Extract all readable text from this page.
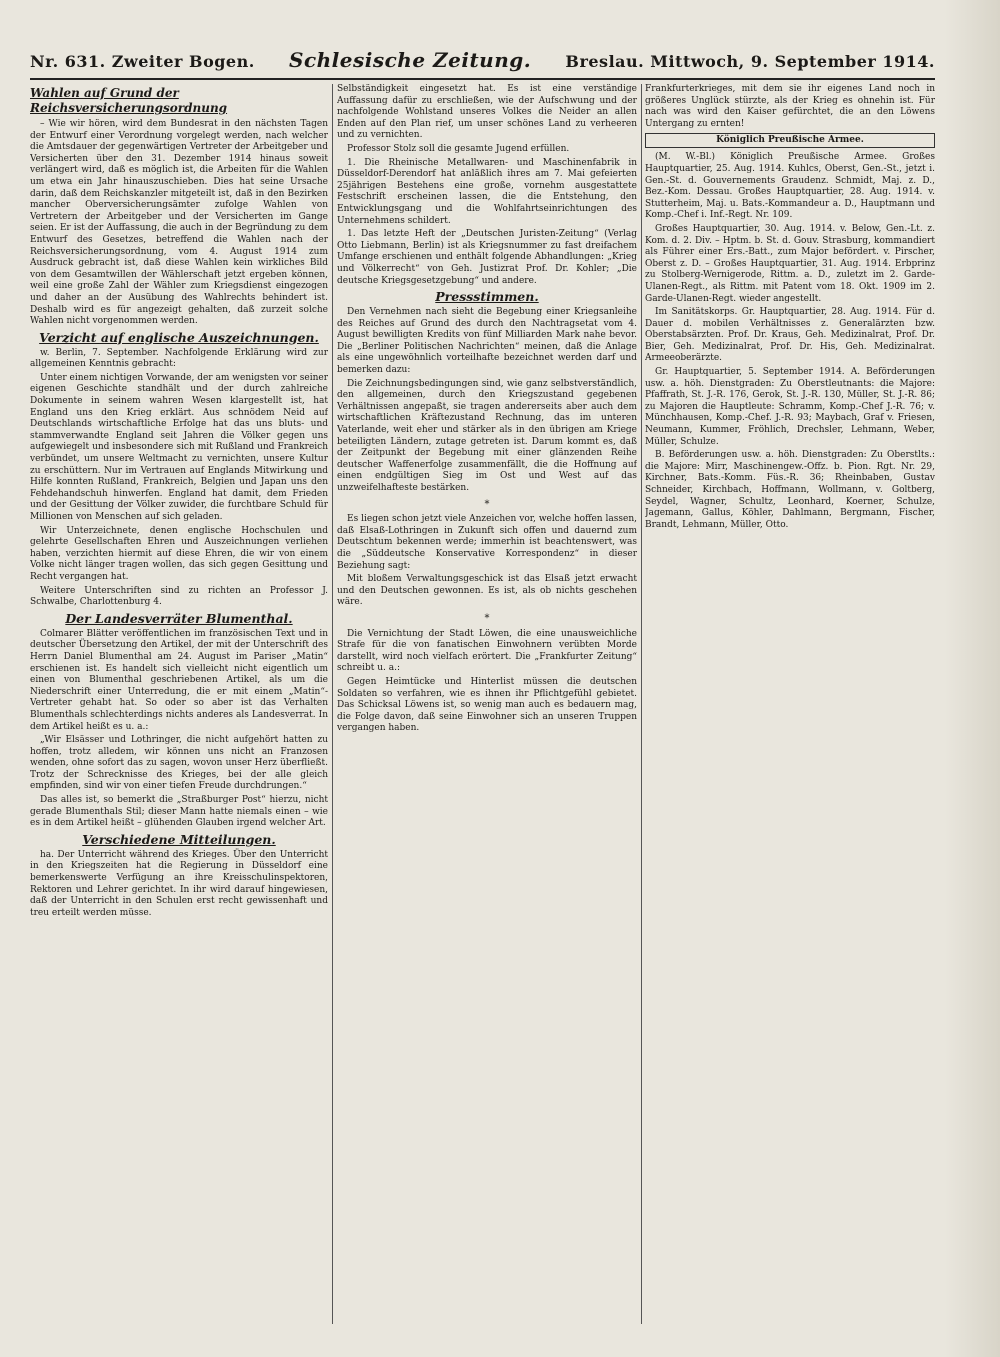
Nr. 631. Zweiter Bogen. Schlesische Zeitung. Breslau. Mittwoch, 9. September 1914.
Wahlen auf Grund der Reichsversicherungsordnung

– Wie wir hören, wird dem Bundesrat in den nächsten Tagen der Entwurf einer Verordnung vorgelegt werden, nach welcher die Amtsdauer der gegenwärtigen Vertreter der Arbeitgeber und Versicherten über den 31. Dezember 1914 hinaus soweit verlängert wird, daß es möglich ist, die Arbeiten für die Wahlen um etwa ein Jahr hinauszuschieben. Dies hat seine Ursache darin, daß dem Reichskanzler mitgeteilt ist, daß in den Bezirken mancher Oberversicherungsämter zufolge Wahlen von Vertretern der Arbeitgeber und der Versicherten im Gange seien. Er ist der Auffassung, die auch in der Begründung zu dem Entwurf des Gesetzes, betreffend die Wahlen nach der Reichsversicherungsordnung, vom 4. August 1914 zum Ausdruck gebracht ist, daß diese Wahlen kein wirkliches Bild von dem Gesamtwillen der Wählerschaft jetzt ergeben können, weil eine große Zahl der Wähler zum Kriegsdienst eingezogen und daher an der Ausübung des Wahlrechts behindert ist. Deshalb wird es für angezeigt gehalten, daß zurzeit solche Wahlen nicht vorgenommen werden.

Verzicht auf englische Auszeichnungen.

w. Berlin, 7. September. Nachfolgende Erklärung wird zur allgemeinen Kenntnis gebracht:

Unter einem nichtigen Vorwande, der am wenigsten vor seiner eigenen Geschichte standhält und der durch zahlreiche Dokumente in seinem wahren Wesen klargestellt ist, hat England uns den Krieg erklärt. Aus schnödem Neid auf Deutschlands wirtschaftliche Erfolge hat das uns bluts- und stammverwandte England seit Jahren die Völker gegen uns aufgewiegelt und insbesondere sich mit Rußland und Frankreich verbündet, um unsere Weltmacht zu vernichten, unsere Kultur zu erschüttern. Nur im Vertrauen auf Englands Mitwirkung und Hilfe konnten Rußland, Frankreich, Belgien und Japan uns den Fehdehandschuh hinwerfen. England hat damit, dem Frieden und der Gesittung der Völker zuwider, die furchtbare Schuld für Millionen von Menschen auf sich geladen.

Wir Unterzeichnete, denen englische Hochschulen und gelehrte Gesellschaften Ehren und Auszeichnungen verliehen haben, verzichten hiermit auf diese Ehren, die wir von einem Volke nicht länger tragen wollen, das sich gegen Gesittung und Recht vergangen hat.

Weitere Unterschriften sind zu richten an Professor J. Schwalbe, Charlottenburg 4.

Der Landesverräter Blumenthal.

Colmarer Blätter veröffentlichen im französischen Text und in deutscher Übersetzung den Artikel, der mit der Unterschrift des Herrn Daniel Blumenthal am 24. August im Pariser „Matin“ erschienen ist. Es handelt sich vielleicht nicht eigentlich um einen von Blumenthal geschriebenen Artikel, als um die Niederschrift einer Unterredung, die er mit einem „Matin“-Vertreter gehabt hat. So oder so aber ist das Verhalten Blumenthals schlechterdings nichts anderes als Landesverrat. In dem Artikel heißt es u. a.:

„Wir Elsässer und Lothringer, die nicht aufgehört hatten zu hoffen, trotz alledem, wir können uns nicht an Franzosen wenden, ohne sofort das zu sagen, wovon unser Herz überfließt. Trotz der Schrecknisse des Krieges, bei der alle gleich empfinden, sind wir von einer tiefen Freude durchdrungen.“

Das alles ist, so bemerkt die „Straßburger Post“ hierzu, nicht gerade Blumenthals Stil; dieser Mann hatte niemals einen – wie es in dem Artikel heißt – glühenden Glauben irgend welcher Art.

Verschiedene Mitteilungen.

ha. Der Unterricht während des Krieges. Über den Unterricht in den Kriegszeiten hat die Regierung in Düsseldorf eine bemerkenswerte Verfügung an ihre Kreisschulinspektoren, Rektoren und Lehrer gerichtet. In ihr wird darauf hingewiesen, daß der Unterricht in den Schulen erst recht gewissenhaft und treu erteilt werden müsse.

Selbständigkeit eingesetzt hat. Es ist eine verständige Auffassung dafür zu erschließen, wie der Aufschwung und der nachfolgende Wohlstand unseres Volkes die Neider an allen Enden auf den Plan rief, um unser schönes Land zu verheeren und zu vernichten.

Professor Stolz soll die gesamte Jugend erfüllen.

1. Die Rheinische Metallwaren- und Maschinenfabrik in Düsseldorf-Derendorf hat anläßlich ihres am 7. Mai gefeierten 25jährigen Bestehens eine große, vornehm ausgestattete Festschrift erscheinen lassen, die die Entstehung, den Entwicklungsgang und die Wohlfahrtseinrichtungen des Unternehmens schildert.

1. Das letzte Heft der „Deutschen Juristen-Zeitung“ (Verlag Otto Liebmann, Berlin) ist als Kriegsnummer zu fast dreifachem Umfange erschienen und enthält folgende Abhandlungen: „Krieg und Völkerrecht“ von Geh. Justizrat Prof. Dr. Kohler; „Die deutsche Kriegsgesetzgebung“ und andere.

Pressstimmen.

Den Vernehmen nach sieht die Begebung einer Kriegsanleihe des Reiches auf Grund des durch den Nachtragsetat vom 4. August bewilligten Kredits von fünf Milliarden Mark nahe bevor. Die „Berliner Politischen Nachrichten“ meinen, daß die Anlage als eine ungewöhnlich vorteilhafte bezeichnet werden darf und bemerken dazu:

Die Zeichnungsbedingungen sind, wie ganz selbstverständlich, den allgemeinen, durch den Kriegszustand gegebenen Verhältnissen angepaßt, sie tragen andererseits aber auch dem wirtschaftlichen Kräftezustand Rechnung, das im unteren Vaterlande, weit eher und stärker als in den übrigen am Kriege beteiligten Ländern, zutage getreten ist. Darum kommt es, daß der Zeitpunkt der Begebung mit einer glänzenden Reihe deutscher Waffenerfolge zusammenfällt, die die Hoffnung auf einen endgültigen Sieg im Ost und West auf das unzweifelhafteste bestärken.

*

Es liegen schon jetzt viele Anzeichen vor, welche hoffen lassen, daß Elsaß-Lothringen in Zukunft sich offen und dauernd zum Deutschtum bekennen werde; immerhin ist beachtenswert, was die „Süddeutsche Konservative Korrespondenz“ in dieser Beziehung sagt:

Mit bloßem Verwaltungsgeschick ist das Elsaß jetzt erwacht und den Deutschen gewonnen. Es ist, als ob nichts geschehen wäre.

*

Die Vernichtung der Stadt Löwen, die eine unausweichliche Strafe für die von fanatischen Einwohnern verübten Morde darstellt, wird noch vielfach erörtert. Die „Frankfurter Zeitung“ schreibt u. a.:

Gegen Heimtücke und Hinterlist müssen die deutschen Soldaten so verfahren, wie es ihnen ihr Pflichtgefühl gebietet. Das Schicksal Löwens ist, so wenig man auch es bedauern mag, die Folge davon, daß seine Einwohner sich an unseren Truppen vergangen haben.

Frankfurterkrieges, mit dem sie ihr eigenes Land noch in größeres Unglück stürzte, als der Krieg es ohnehin ist. Für nach was wird den Kaiser gefürchtet, die an den Löwens Untergang zu ernten!

Königlich Preußische Armee.

(M. W.-Bl.) Königlich Preußische Armee. Großes Hauptquartier, 25. Aug. 1914. Kuhlcs, Oberst, Gen.-St., jetzt i. Gen.-St. d. Gouvernements Graudenz. Schmidt, Maj. z. D., Bez.-Kom. Dessau. Großes Hauptquartier, 28. Aug. 1914. v. Stutterheim, Maj. u. Bats.-Kommandeur a. D., Hauptmann und Komp.-Chef i. Inf.-Regt. Nr. 109.

Großes Hauptquartier, 30. Aug. 1914. v. Below, Gen.-Lt. z. Kom. d. 2. Div. – Hptm. b. St. d. Gouv. Strasburg, kommandiert als Führer einer Ers.-Batt., zum Major befördert. v. Pirscher, Oberst z. D. – Großes Hauptquartier, 31. Aug. 1914. Erbprinz zu Stolberg-Wernigerode, Rittm. a. D., zuletzt im 2. Garde-Ulanen-Regt., als Rittm. mit Patent vom 18. Okt. 1909 im 2. Garde-Ulanen-Regt. wieder angestellt.

Im Sanitätskorps. Gr. Hauptquartier, 28. Aug. 1914. Für d. Dauer d. mobilen Verhältnisses z. Generalärzten bzw. Oberstabsärzten. Prof. Dr. Kraus, Geh. Medizinalrat, Prof. Dr. Bier, Geh. Medizinalrat, Prof. Dr. His, Geh. Medizinalrat. Armeeoberärzte.

Gr. Hauptquartier, 5. September 1914. A. Beförderungen usw. a. höh. Dienstgraden: Zu Oberstleutnants: die Majore: Pfaffrath, St. J.-R. 176, Gerok, St. J.-R. 130, Müller, St. J.-R. 86; zu Majoren die Hauptleute: Schramm, Komp.-Chef J.-R. 76; v. Münchhausen, Komp.-Chef. J.-R. 93; Maybach, Graf v. Friesen, Neumann, Kummer, Fröhlich, Drechsler, Lehmann, Weber, Müller, Schulze.

B. Beförderungen usw. a. höh. Dienstgraden: Zu Oberstlts.: die Majore: Mirr, Maschinengew.-Offz. b. Pion. Rgt. Nr. 29, Kirchner, Bats.-Komm. Füs.-R. 36; Rheinbaben, Gustav Schneider, Kirchbach, Hoffmann, Wollmann, v. Goltberg, Seydel, Wagner, Schultz, Leonhard, Koerner, Schulze, Jagemann, Gallus, Köhler, Dahlmann, Bergmann, Fischer, Brandt, Lehmann, Müller, Otto.
